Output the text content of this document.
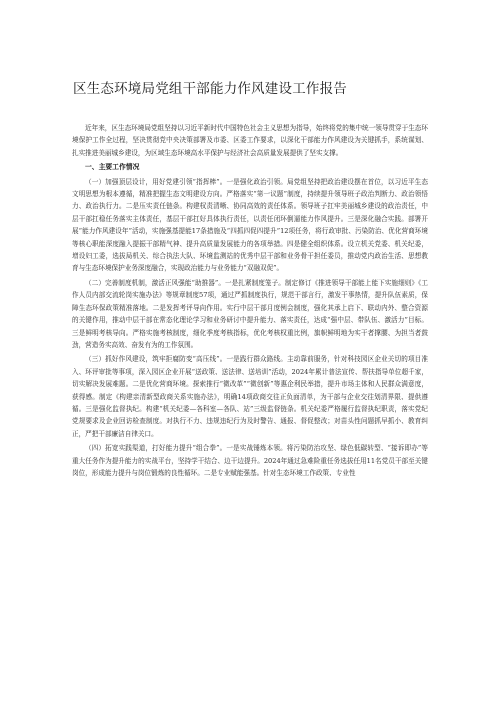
区生态环境局党组干部能力作风建设工作报告

近年来，区生态环境局党组坚持以习近平新时代中国特色社会主义思想为指导，始终将党的集中统一领导贯穿于生态环境保护工作全过程，坚决贯彻党中央决策部署及市委、区委工作要求，以深化干部能力作风建设为关键抓手，系统谋划、扎实推进美丽城乡建设，为区域生态环境高水平保护与经济社会高质量发展提供了坚实支撑。

一、主要工作情况

（一）加强顶层设计，用好党建引领“指挥棒”。一是强化政治引领。局党组坚持把政治建设摆在首位，以习近平生态文明思想为根本遵循，精准把握生态文明建设方向。严格落实“第一议题”制度，持续提升领导班子政治判断力、政治领悟力、政治执行力。二是压实责任链条。构建权责清晰、协同高效的责任体系。领导班子扛牢美丽城乡建设的政治责任，中层干部扛稳任务落实主体责任，基层干部扛好具体执行责任，以责任闭环倒逼能力作风提升。三是深化融合实践。部署开展“能力作风建设年”活动，实施强基提能17条措施及“四抓四促四提升”12项任务，将行政审批、污染防治、优化营商环境等核心职能深度融入提振干部精气神、提升高质量发展能力的各项举措。四是健全组织体系。设立机关党委、机关纪委，增设妇工委，选拔局机关、综合执法大队、环境监测站的优秀中层干部和业务骨干担任委员，推动党内政治生活、思想教育与生态环境保护业务深度融合，实现政治能力与业务能力“双融双促”。

（二）完善制度机制，激活正风强能“助推器”。一是扎紧制度笼子。制定修订《推进领导干部能上能下实施细则》《工作人员内部交流轮岗实施办法》等规章制度57项，通过严抓制度执行，规范干部言行，激发干事热情，提升队伍素质，保障生态环保政策精准落地。二是发挥考评导向作用。实行中层干部月度例会制度，强化其承上启下、联动内外、整合资源的关键作用，推动中层干部在常态化理论学习和业务研讨中提升能力、落实责任，达成“强中层、带队伍、激活力”目标。三是鲜明考核导向。严格实施考核制度，细化季度考核指标，优化考核权重比例，旗帜鲜明地为实干者撑腰、为担当者鼓劲，营造务实高效、奋发有为的工作氛围。

（三）抓好作风建设，筑牢拒腐防变“高压线”。一是践行群众路线。主动靠前服务，针对科技园区企业关切的项目准入、环评审批等事项，深入园区企业开展“送政策、送法律、送培训”活动，2024年累计普法宣传、帮扶指导单位超千家，切实解决发展难题。二是优化营商环境。探索推行“微改革”“微创新”等惠企利民举措，提升市场主体和人民群众满意度，获得感。制定《构建亲清新型政商关系实施办法》，明确14项政商交往正负面清单，为干部与企业交往划清界限、提供遵循。三是强化监督执纪。构建“机关纪委—各科室—各队、站”三级监督链条。机关纪委严格履行监督执纪职责，落实党纪党规要求及企业回访检查制度。对执行不力、违规违纪行为及时警告、通报、督促整改；对苗头性问题抓早抓小、教育纠正，严把干部廉洁自律关口。

（四）拓宽实践渠道，打好能力提升“组合拳”。一是实战锤炼本领。将污染防治攻坚、绿色低碳转型、“接诉即办”等重大任务作为提升能力的实战平台，坚持学干结合、边干边提升。2024年通过急难险重任务选拔任用11名党员干部至关键岗位，形成能力提升与岗位锻炼的良性循环。二是专业赋能强基。针对生态环境工作政策、专业性
